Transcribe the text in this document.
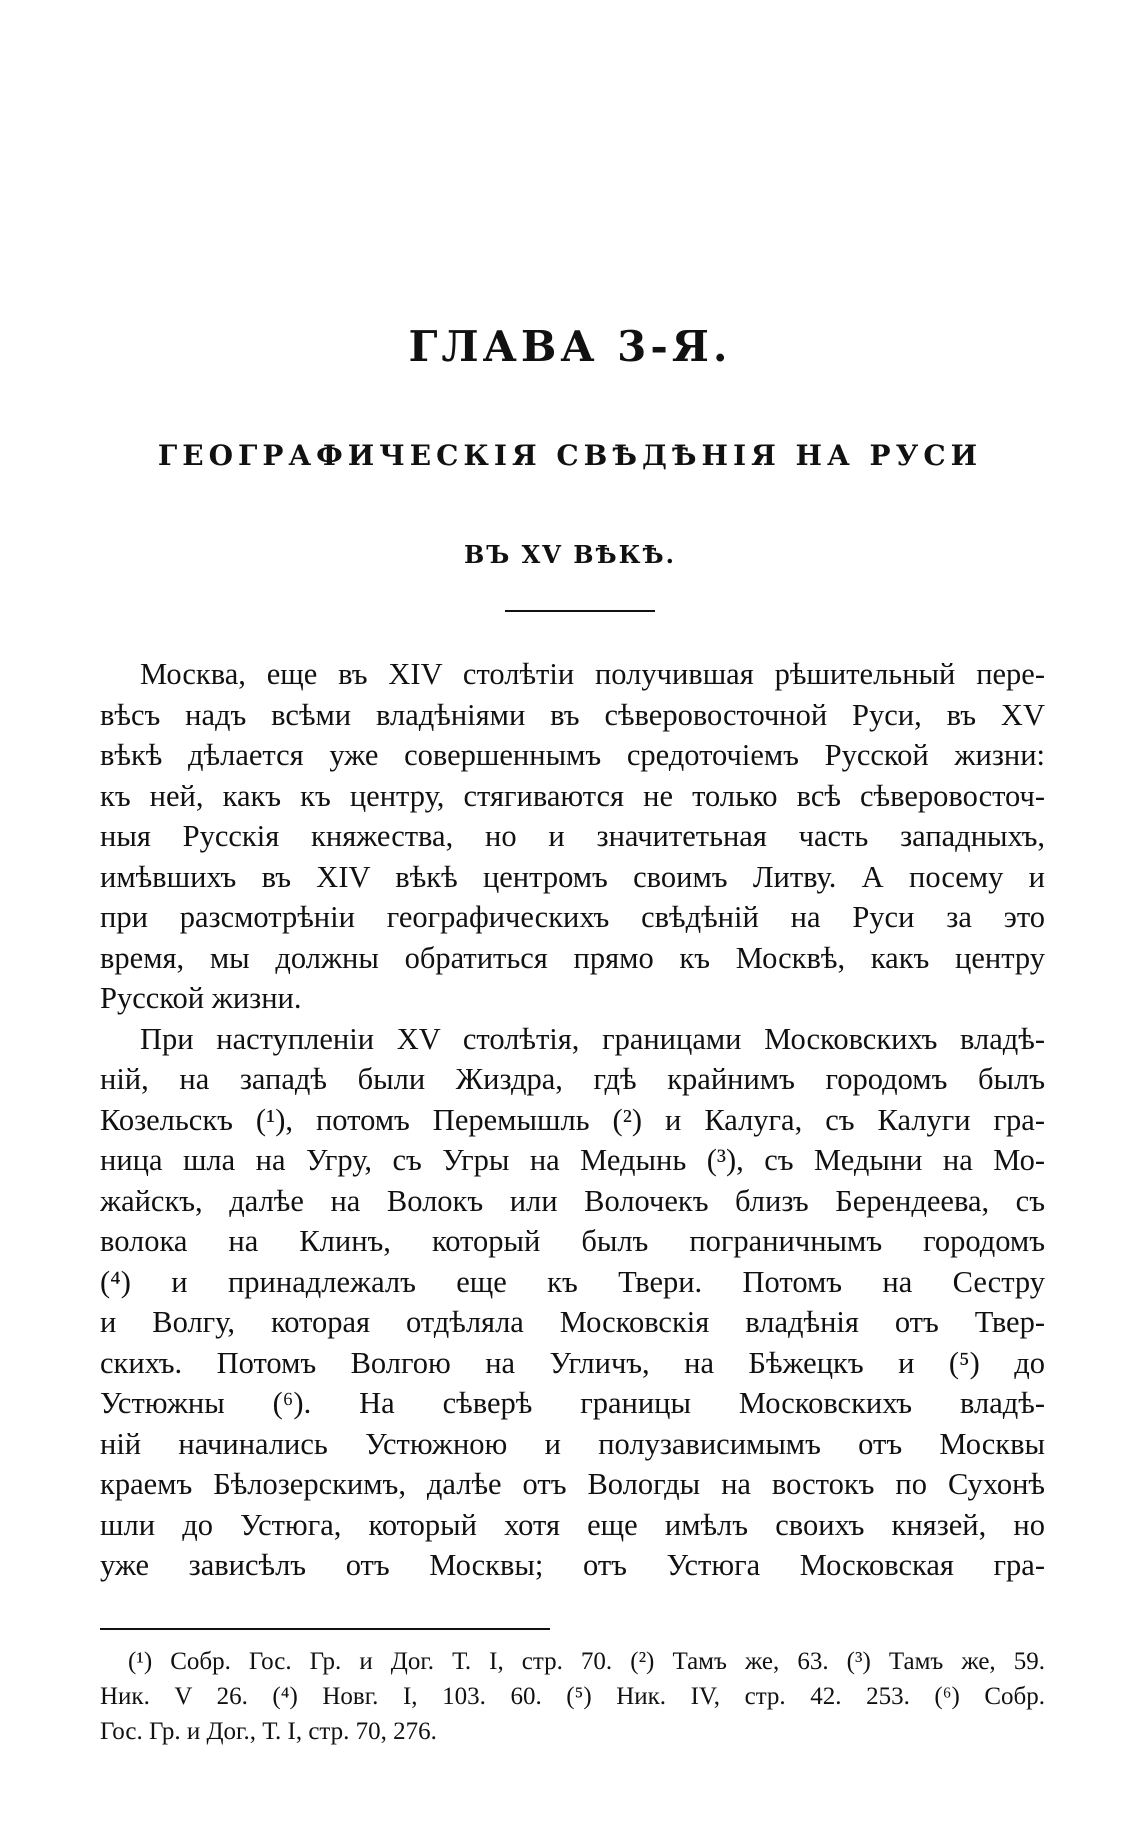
ГЛАВА 3-Я.
ГЕОГРАФИЧЕСКІЯ СВѢДѢНІЯ НА РУСИ
ВЪ XV ВѢКѢ.
Москва, еще въ XIV столѣтіи получившая рѣшительный пере-
вѣсъ надъ всѣми владѣніями въ сѣверовосточной Руси, въ XV
вѣкѣ дѣлается уже совершеннымъ средоточіемъ Русской жизни:
къ ней, какъ къ центру, стягиваются не только всѣ сѣверовосточ-
ныя Русскія княжества, но и значитетьная часть западныхъ,
имѣвшихъ въ XIV вѣкѣ центромъ своимъ Литву. А посему и
при разсмотрѣніи географическихъ свѣдѣній на Руси за это
время, мы должны обратиться прямо къ Москвѣ, какъ центру
Русской жизни.
При наступленіи XV столѣтія, границами Московскихъ владѣ-
ній, на западѣ были Жиздра, гдѣ крайнимъ городомъ былъ
Козельскъ (¹), потомъ Перемышль (²) и Калуга, съ Калуги гра-
ница шла на Угру, съ Угры на Медынь (³), съ Медыни на Мо-
жайскъ, далѣе на Волокъ или Волочекъ близъ Берендеева, съ
волока на Клинъ, который былъ пограничнымъ городомъ
(⁴) и принадлежалъ еще къ Твери. Потомъ на Сестру
и Волгу, которая отдѣляла Московскія владѣнія отъ Твер-
скихъ. Потомъ Волгою на Угличъ, на Бѣжецкъ и (⁵) до
Устюжны (⁶). На сѣверѣ границы Московскихъ владѣ-
ній начинались Устюжною и полузависимымъ отъ Москвы
краемъ Бѣлозерскимъ, далѣе отъ Вологды на востокъ по Сухонѣ
шли до Устюга, который хотя еще имѣлъ своихъ князей, но
уже зависѣлъ отъ Москвы; отъ Устюга Московская гра-
(¹) Собр. Гос. Гр. и Дог. Т. I, стр. 70. (²) Тамъ же, 63. (³) Тамъ же, 59.
Ник. V 26. (⁴) Новг. I, 103. 60. (⁵) Ник. IV, стр. 42. 253. (⁶) Собр.
Гос. Гр. и Дог., Т. I, стр. 70, 276.
